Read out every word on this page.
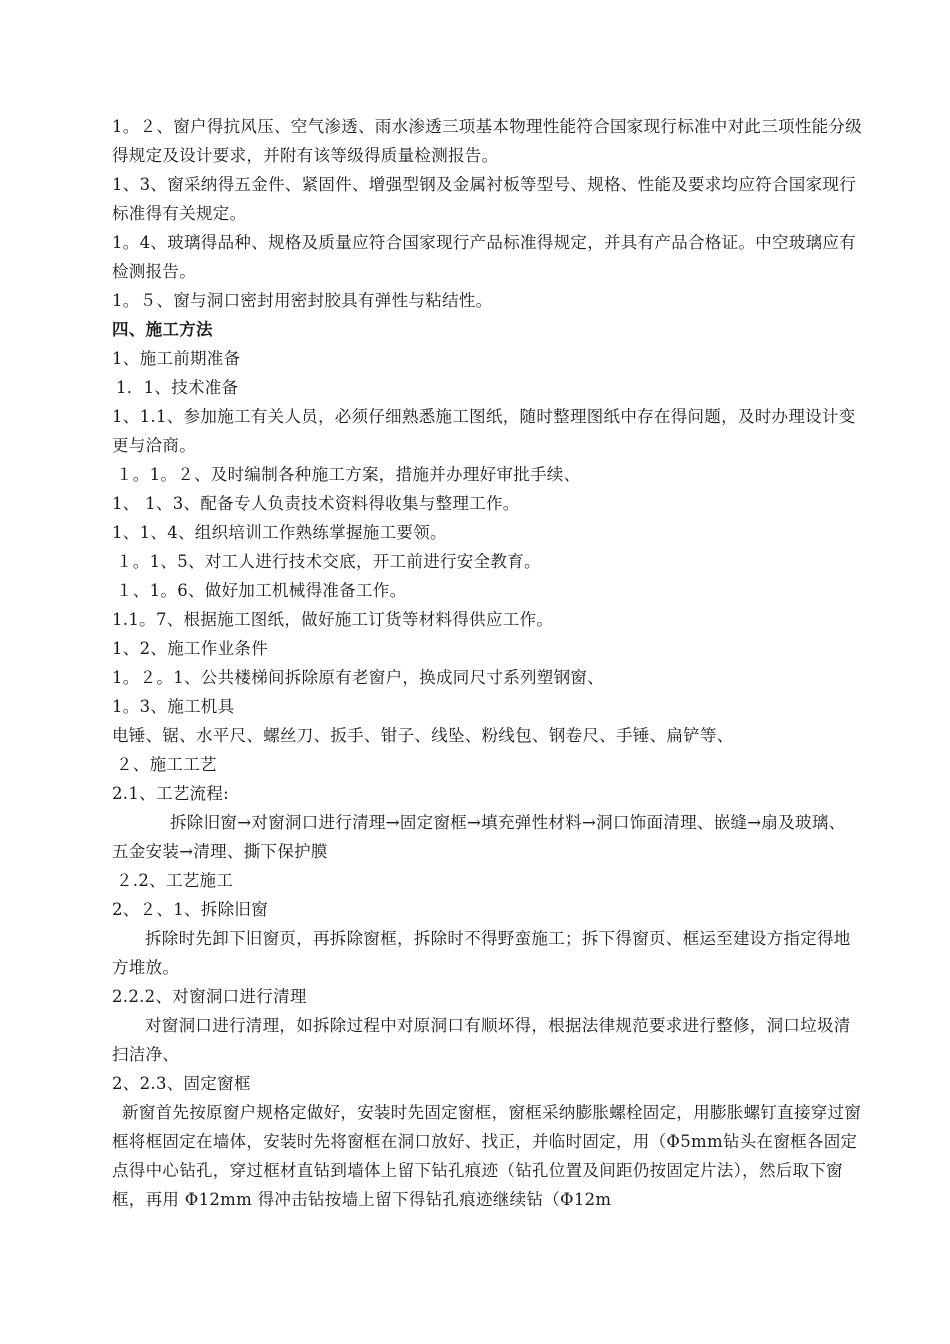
1。２、窗户得抗风压、空气渗透、雨水渗透三项基本物理性能符合国家现行标准中对此三项性能分级得规定及设计要求，并附有该等级得质量检测报告。

1、3、窗采纳得五金件、紧固件、增强型钢及金属衬板等型号、规格、性能及要求均应符合国家现行标准得有关规定。

1。4、玻璃得品种、规格及质量应符合国家现行产品标准得规定，并具有产品合格证。中空玻璃应有检测报告。

1。５、窗与洞口密封用密封胶具有弹性与粘结性。

四、施工方法

1、施工前期准备

1．1、技术准备

1、1.1、参加施工有关人员，必须仔细熟悉施工图纸，随时整理图纸中存在得问题，及时办理设计变更与洽商。

１。1。２、及时编制各种施工方案，措施并办理好审批手续、

1、 1、3、配备专人负责技术资料得收集与整理工作。

1、1、4、组织培训工作熟练掌握施工要领。

１。1、5、对工人进行技术交底，开工前进行安全教育。

１、1。6、做好加工机械得准备工作。

1.1。7、根据施工图纸，做好施工订货等材料得供应工作。

1、2、施工作业条件

1。２。1、公共楼梯间拆除原有老窗户，换成同尺寸系列塑钢窗、

1。3、施工机具

电锤、锯、水平尺、螺丝刀、扳手、钳子、线坠、粉线包、钢卷尺、手锤、扁铲等、

２、施工工艺

2.1、工艺流程:

拆除旧窗→对窗洞口进行清理→固定窗框→填充弹性材料→洞口饰面清理、嵌缝→扇及玻璃、五金安装→清理、撕下保护膜

２.2、工艺施工

2、２、1、拆除旧窗

拆除时先卸下旧窗页，再拆除窗框，拆除时不得野蛮施工；拆下得窗页、框运至建设方指定得地方堆放。

2.2.2、对窗洞口进行清理

对窗洞口进行清理，如拆除过程中对原洞口有顺坏得，根据法律规范要求进行整修，洞口垃圾清扫洁净、

2、2.3、固定窗框

新窗首先按原窗户规格定做好，安装时先固定窗框，窗框采纳膨胀螺栓固定，用膨胀螺钉直接穿过窗框将框固定在墙体，安装时先将窗框在洞口放好、找正，并临时固定，用（Φ5mm钻头在窗框各固定点得中心钻孔，穿过框材直钻到墙体上留下钻孔痕迹（钻孔位置及间距仍按固定片法），然后取下窗框，再用 Φ12mm 得冲击钻按墙上留下得钻孔痕迹继续钻（Φ12m
